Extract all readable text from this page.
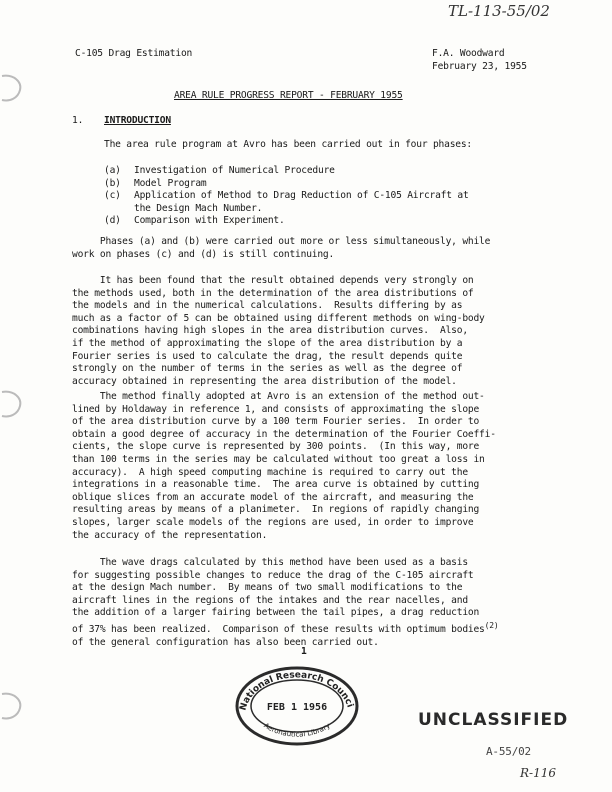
TL-113-55/02
C-105 Drag Estimation	F.A. Woodward
February 23, 1955
AREA RULE PROGRESS REPORT - FEBRUARY 1955
1. INTRODUCTION
The area rule program at Avro has been carried out in four phases:
(a)	Investigation of Numerical Procedure
(b)	Model Program
(c)	Application of Method to Drag Reduction of C-105 Aircraft at
the Design Mach Number.
(d)	Comparison with Experiment.
Phases (a) and (b) were carried out more or less simultaneously, while
work on phases (c) and (d) is still continuing.
It has been found that the result obtained depends very strongly on
the methods used, both in the determination of the area distributions of
the models and in the numerical calculations.  Results differing by as
much as a factor of 5 can be obtained using different methods on wing-body
combinations having high slopes in the area distribution curves.  Also,
if the method of approximating the slope of the area distribution by a
Fourier series is used to calculate the drag, the result depends quite
strongly on the number of terms in the series as well as the degree of
accuracy obtained in representing the area distribution of the model.
The method finally adopted at Avro is an extension of the method out-
lined by Holdaway in reference 1, and consists of approximating the slope
of the area distribution curve by a 100 term Fourier series.  In order to
obtain a good degree of accuracy in the determination of the Fourier Coeffi-
cients, the slope curve is represented by 300 points.  (In this way, more
than 100 terms in the series may be calculated without too great a loss in
accuracy).  A high speed computing machine is required to carry out the
integrations in a reasonable time.  The area curve is obtained by cutting
oblique slices from an accurate model of the aircraft, and measuring the
resulting areas by means of a planimeter.  In regions of rapidly changing
slopes, larger scale models of the regions are used, in order to improve
the accuracy of the representation.
The wave drags calculated by this method have been used as a basis
for suggesting possible changes to reduce the drag of the C-105 aircraft
at the design Mach number.  By means of two small modifications to the
aircraft lines in the regions of the intakes and the rear nacelles, and
the addition of a larger fairing between the tail pipes, a drag reduction
of 37% has been realized.  Comparison of these results with optimum bodies$^{(2)}$
of the general configuration has also been carried out.
1
National Research Counci
FEB 1 1956
Aeronautical Library	UNCLASSIFIED
A-55/02
R-116
